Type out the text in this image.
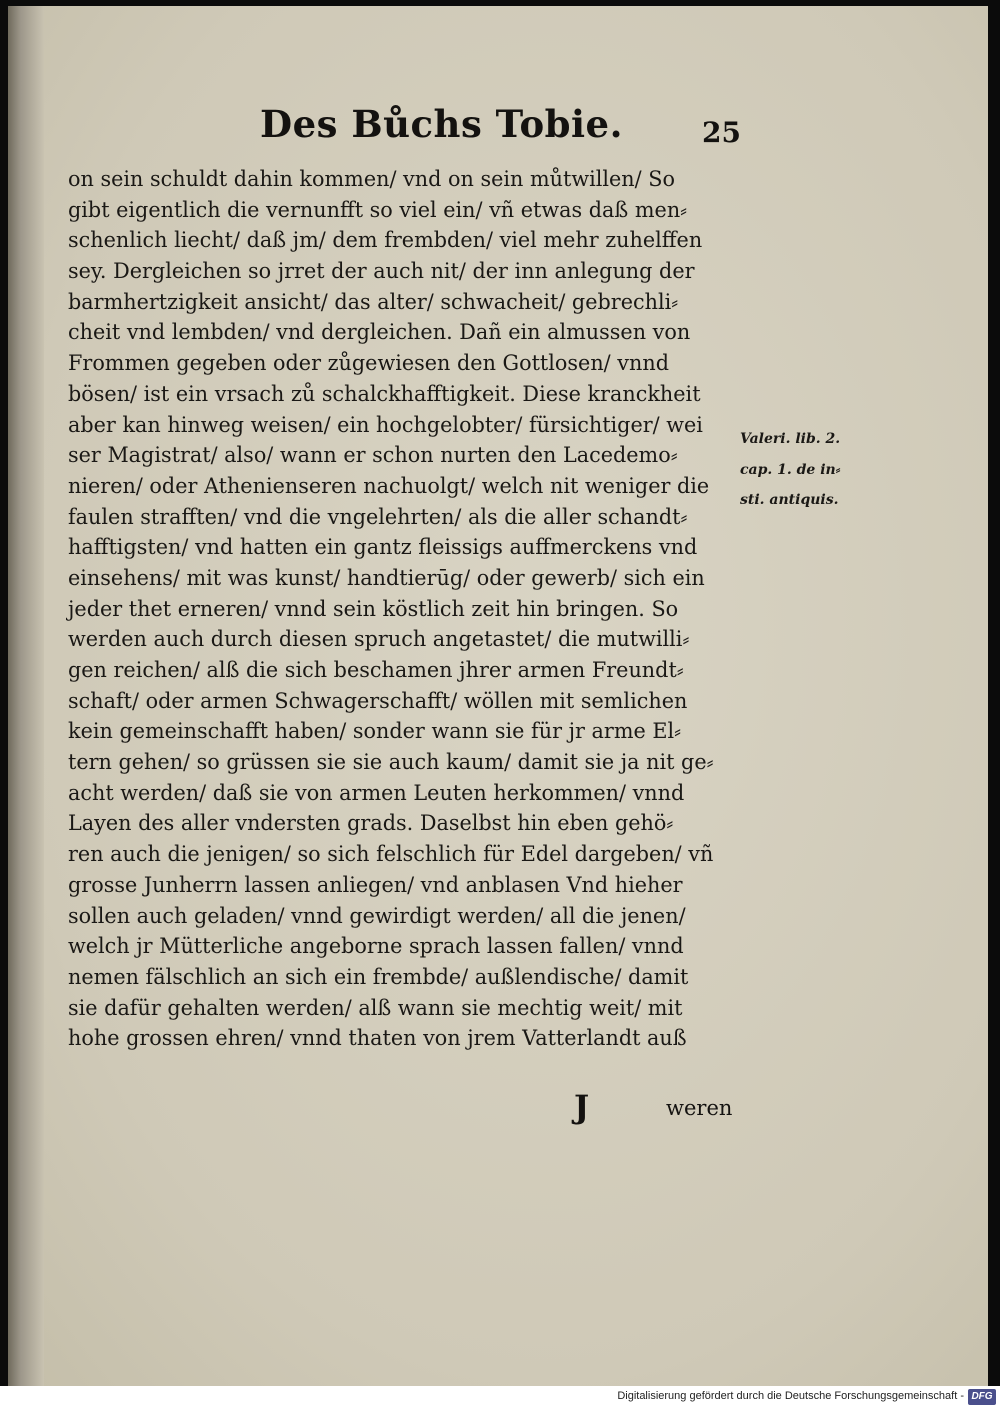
Des Bůchs Tobie.	25
on sein schuldt dahin kommen/ vnd on sein můtwillen/ So
gibt eigentlich die vernunfft so viel ein/ vñ etwas daß men⸗
schenlich liecht/ daß jm/ dem frembden/ viel mehr zuhelffen
sey. Dergleichen so jrret der auch nit/ der inn anlegung der
barmhertzigkeit ansicht/ das alter/ schwacheit/ gebrechli⸗
cheit vnd lembden/ vnd dergleichen. Dañ ein almussen von
Frommen gegeben oder zůgewiesen den Gottlosen/ vnnd
bösen/ ist ein vrsach zů schalckhafftigkeit. Diese kranckheit
aber kan hinweg weisen/ ein hochgelobter/ fürsichtiger/ wei
ser Magistrat/ also/ wann er schon nurten den Lacedemo⸗
nieren/ oder Athenienseren nachuolgt/ welch nit weniger die
faulen strafften/ vnd die vngelehrten/ als die aller schandt⸗
hafftigsten/ vnd hatten ein gantz fleissigs auffmerckens vnd
einsehens/ mit was kunst/ handtierūg/ oder gewerb/ sich ein
jeder thet erneren/ vnnd sein köstlich zeit hin bringen. So
werden auch durch diesen spruch angetastet/ die mutwilli⸗
gen reichen/ alß die sich beschamen jhrer armen Freundt⸗
schaft/ oder armen Schwagerschafft/ wöllen mit semlichen
kein gemeinschafft haben/ sonder wann sie für jr arme El⸗
tern gehen/ so grüssen sie sie auch kaum/ damit sie ja nit ge⸗
acht werden/ daß sie von armen Leuten herkommen/ vnnd
Layen des aller vndersten grads. Daselbst hin eben gehö⸗
ren auch die jenigen/ so sich felschlich für Edel dargeben/ vñ
grosse Junherrn lassen anliegen/ vnd anblasen Vnd hieher
sollen auch geladen/ vnnd gewirdigt werden/ all die jenen/
welch jr Mütterliche angeborne sprach lassen fallen/ vnnd
nemen fälschlich an sich ein frembde/ außlendische/ damit
sie dafür gehalten werden/ alß wann sie mechtig weit/ mit
hohe grossen ehren/ vnnd thaten von jrem Vatterlandt auß
Valeri. lib. 2.
cap. 1. de in⸗
sti. antiquis.
J	weren
Digitalisierung gefördert durch die Deutsche Forschungsgemeinschaft - DFG
